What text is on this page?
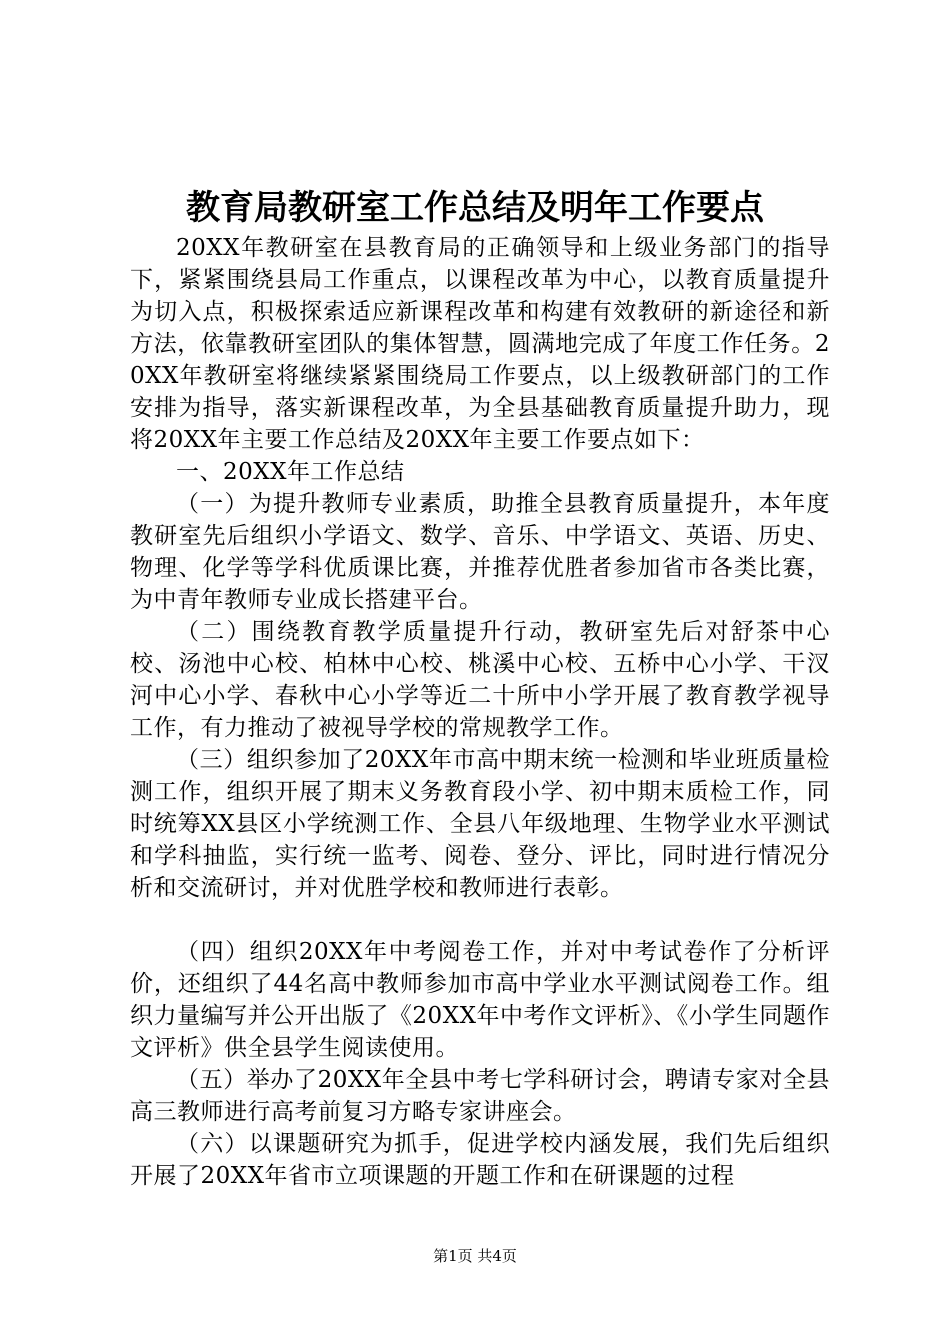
教育局教研室工作总结及明年工作要点

20XX年教研室在县教育局的正确领导和上级业务部门的指导下，紧紧围绕县局工作重点，以课程改革为中心，以教育质量提升为切入点，积极探索适应新课程改革和构建有效教研的新途径和新方法，依靠教研室团队的集体智慧，圆满地完成了年度工作任务。20XX年教研室将继续紧紧围绕局工作要点，以上级教研部门的工作安排为指导，落实新课程改革，为全县基础教育质量提升助力，现将20XX年主要工作总结及20XX年主要工作要点如下：

一、20XX年工作总结

（一）为提升教师专业素质，助推全县教育质量提升，本年度教研室先后组织小学语文、数学、音乐、中学语文、英语、历史、物理、化学等学科优质课比赛，并推荐优胜者参加省市各类比赛，为中青年教师专业成长搭建平台。

（二）围绕教育教学质量提升行动，教研室先后对舒茶中心校、汤池中心校、柏林中心校、桃溪中心校、五桥中心小学、干汊河中心小学、春秋中心小学等近二十所中小学开展了教育教学视导工作，有力推动了被视导学校的常规教学工作。

（三）组织参加了20XX年市高中期末统一检测和毕业班质量检测工作，组织开展了期末义务教育段小学、初中期末质检工作，同时统筹XX县区小学统测工作、全县八年级地理、生物学业水平测试和学科抽监，实行统一监考、阅卷、登分、评比，同时进行情况分析和交流研讨，并对优胜学校和教师进行表彰。

（四）组织20XX年中考阅卷工作，并对中考试卷作了分析评价，还组织了44名高中教师参加市高中学业水平测试阅卷工作。组织力量编写并公开出版了《20XX年中考作文评析》、《小学生同题作文评析》供全县学生阅读使用。

（五）举办了20XX年全县中考七学科研讨会，聘请专家对全县高三教师进行高考前复习方略专家讲座会。

（六）以课题研究为抓手，促进学校内涵发展，我们先后组织开展了20XX年省市立项课题的开题工作和在研课题的过程

第1页 共4页
